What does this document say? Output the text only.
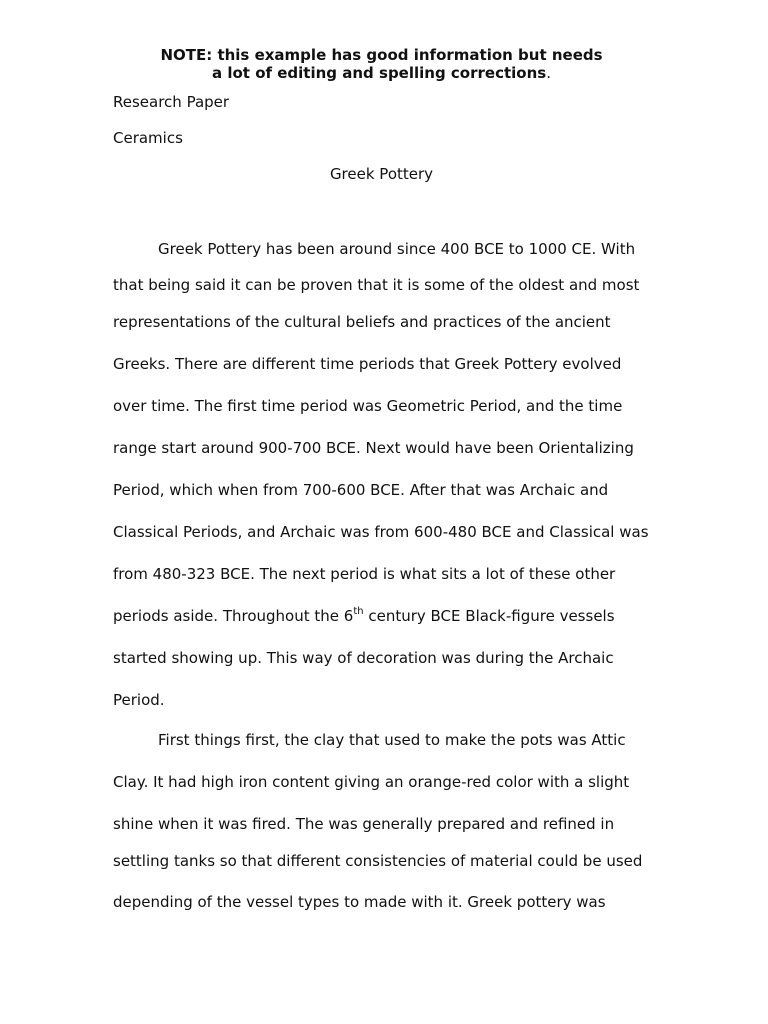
NOTE: this example has good information but needs
a lot of editing and spelling corrections.
Research Paper
Ceramics
Greek Pottery
Greek Pottery has been around since 400 BCE to 1000 CE. With
that being said it can be proven that it is some of the oldest and most
representations of the cultural beliefs and practices of the ancient
Greeks. There are different time periods that Greek Pottery evolved
over time. The first time period was Geometric Period, and the time
range start around 900-700 BCE. Next would have been Orientalizing
Period, which when from 700-600 BCE. After that was Archaic and
Classical Periods, and Archaic was from 600-480 BCE and Classical was
from 480-323 BCE. The next period is what sits a lot of these other
periods aside. Throughout the 6th century BCE Black-figure vessels
started showing up. This way of decoration was during the Archaic
Period.
First things first, the clay that used to make the pots was Attic
Clay. It had high iron content giving an orange-red color with a slight
shine when it was fired. The was generally prepared and refined in
settling tanks so that different consistencies of material could be used
depending of the vessel types to made with it. Greek pottery was
